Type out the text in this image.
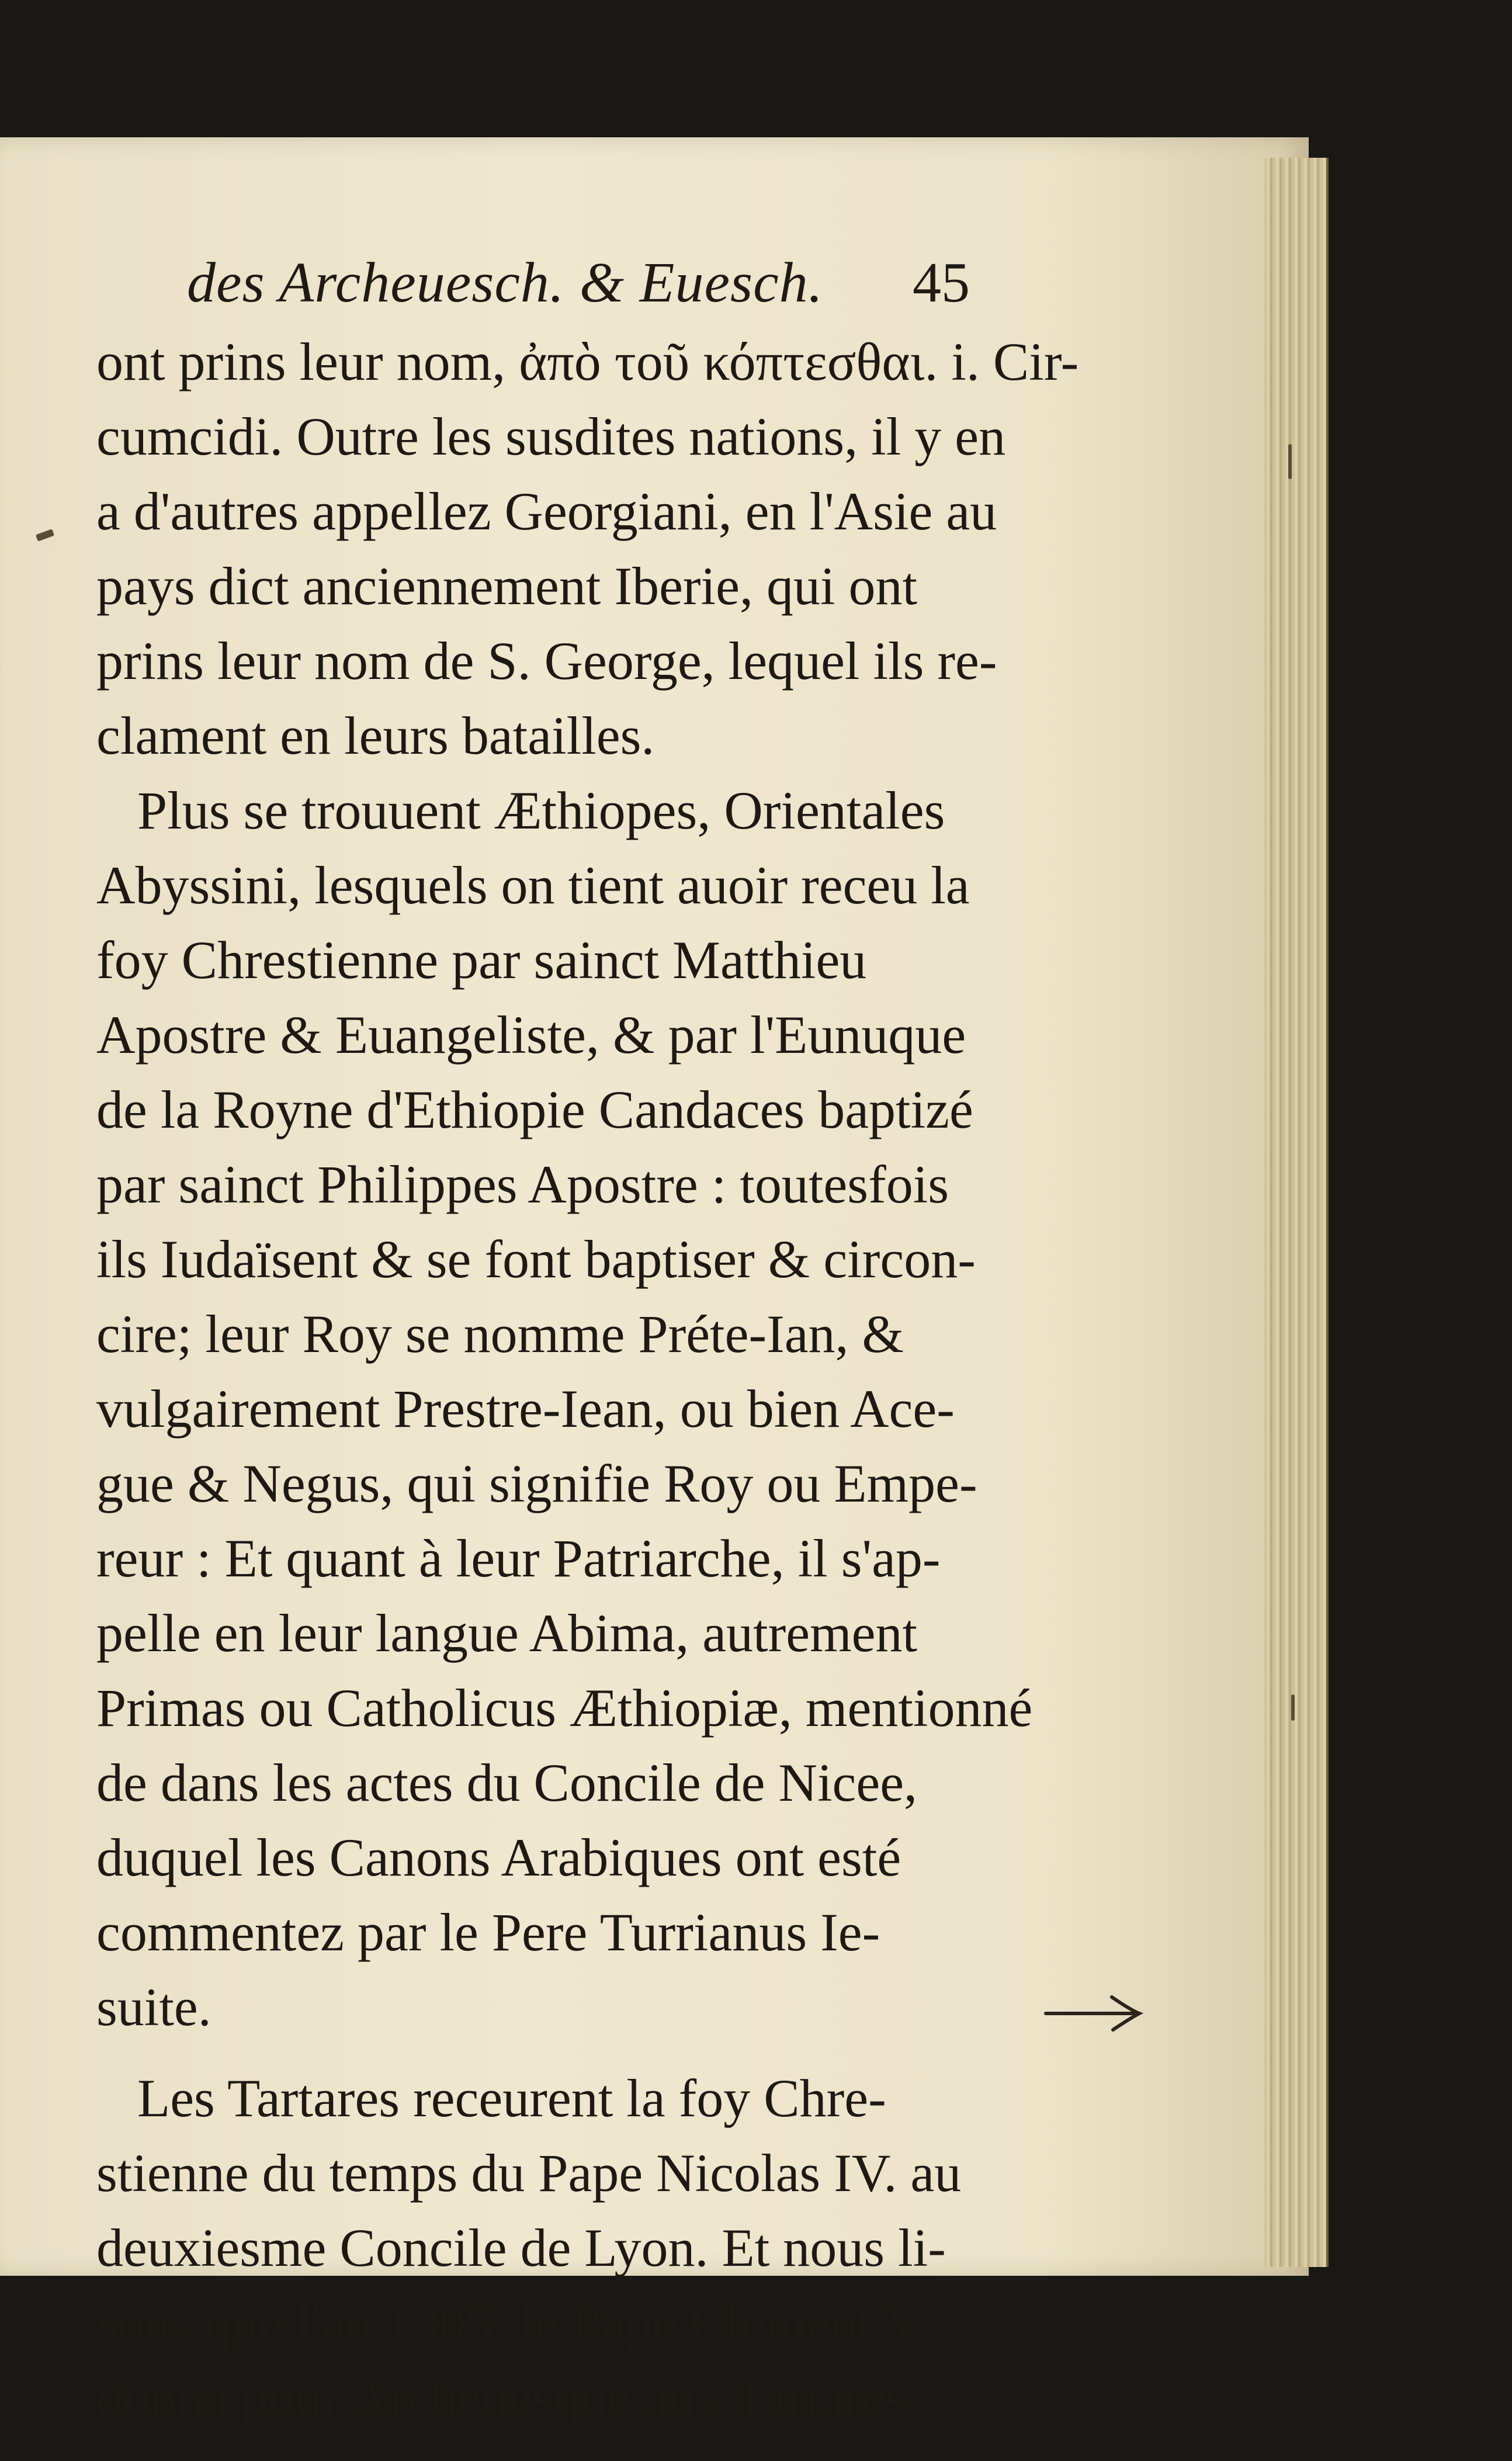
des Archeuesch. & Euesch. 45
ont prins leur nom, ἀπὸ τοῦ κόπτεσθαι. i. Cir-
cumcidi. Outre les susdites nations, il y en
a d'autres appellez Georgiani, en l'Asie au
pays dict anciennement Iberie, qui ont
prins leur nom de S. George, lequel ils re-
clament en leurs batailles.
Plus se trouuent Æthiopes, Orientales
Abyssini, lesquels on tient auoir receu la
foy Chrestienne par sainct Matthieu
Apostre & Euangeliste, & par l'Eunuque
de la Royne d'Ethiopie Candaces baptizé
par sainct Philippes Apostre : toutesfois
ils Iudaïsent & se font baptiser & circon-
cire; leur Roy se nomme Préte-Ian, &
vulgairement Prestre-Iean, ou bien Ace-
gue & Negus, qui signifie Roy ou Empe-
reur : Et quant à leur Patriarche, il s'ap-
pelle en leur langue Abima, autrement
Primas ou Catholicus Æthiopiæ, mentionné
de dans les actes du Concile de Nicee,
duquel les Canons Arabiques ont esté
commentez par le Pere Turrianus Ie-
suite.
Les Tartares receurent la foy Chre-
stienne du temps du Pape Nicolas IV. au
deuxiesme Concile de Lyon. Et nous li-
sons que l'an 1305. le Pape Clement V.
donna pour Archeuesque aux Tartares
